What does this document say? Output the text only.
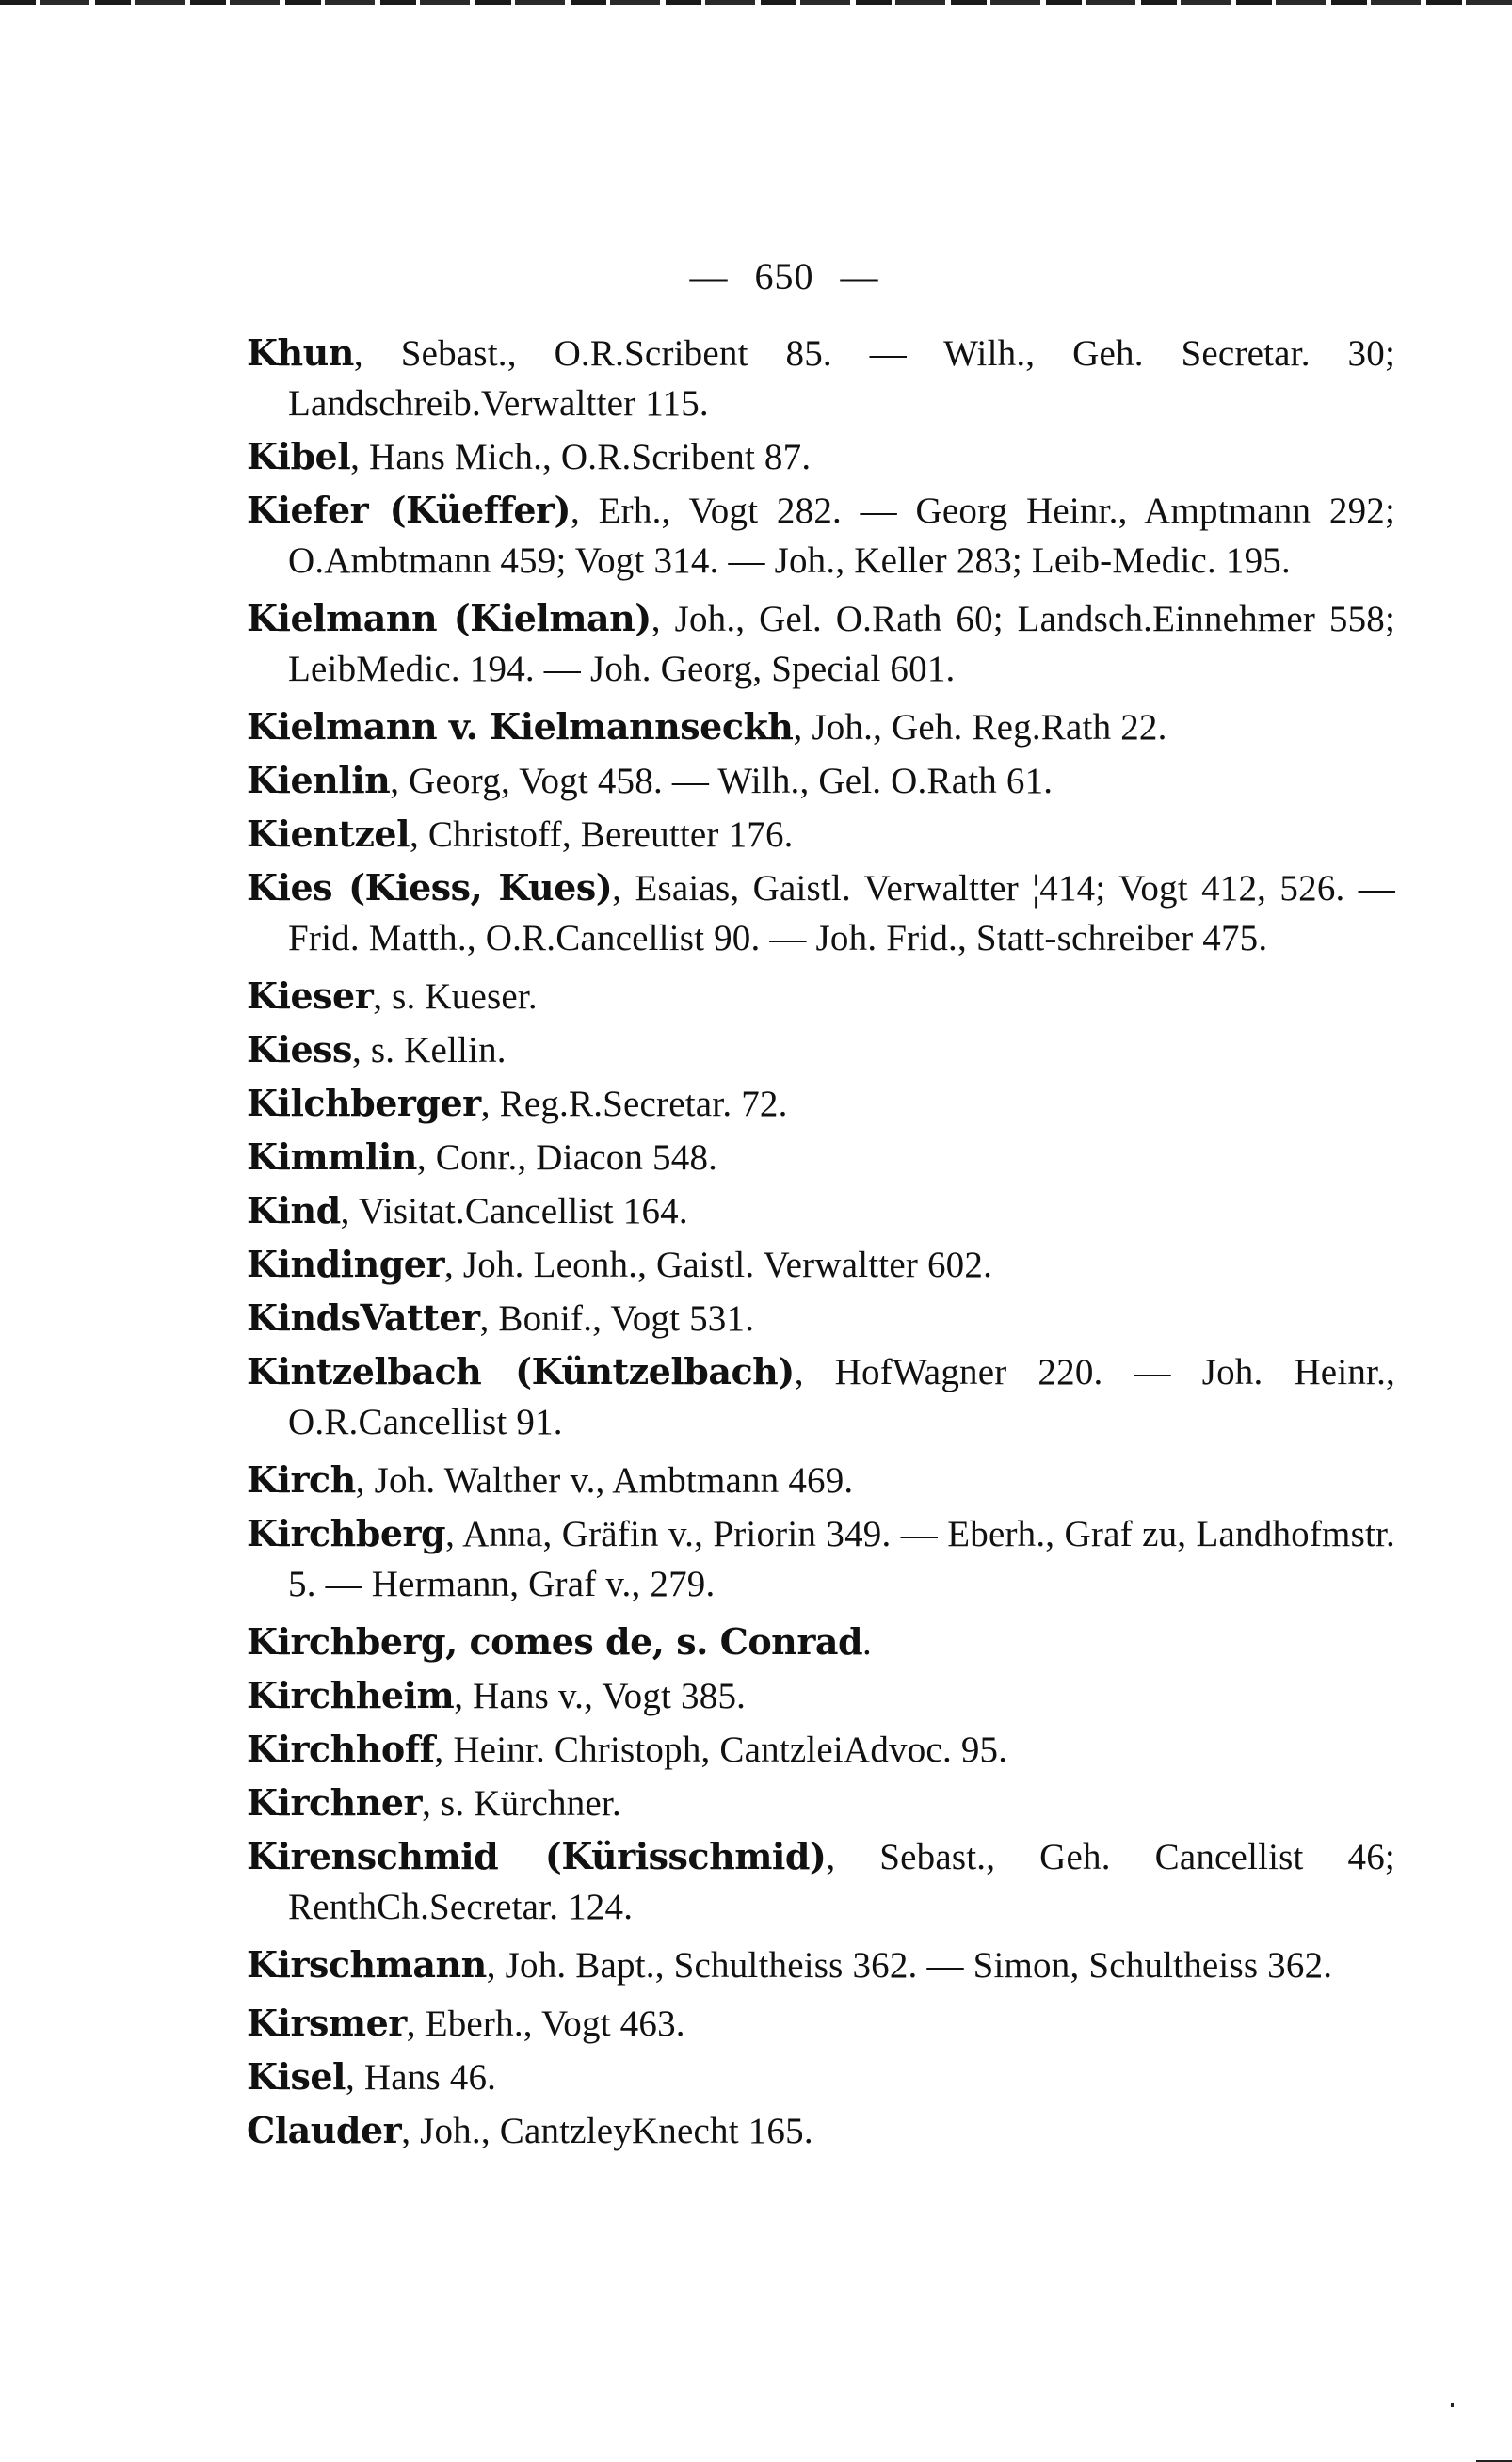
— 650 —

Khun, Sebast., O.R.Scribent 85. — Wilh., Geh. Secretar. 30; Landschreib.Verwaltter 115.

Kibel, Hans Mich., O.R.Scribent 87.

Kiefer (Küeffer), Erh., Vogt 282. — Georg Heinr., Amptmann 292; O.Ambtmann 459; Vogt 314. — Joh., Keller 283; Leib-Medic. 195.

Kielmann (Kielman), Joh., Gel. O.Rath 60; Landsch.Einnehmer 558; LeibMedic. 194. — Joh. Georg, Special 601.

Kielmann v. Kielmannseckh, Joh., Geh. Reg.Rath 22.

Kienlin, Georg, Vogt 458. — Wilh., Gel. O.Rath 61.

Kientzel, Christoff, Bereutter 176.

Kies (Kiess, Kues), Esaias, Gaistl. Verwaltter ¦414; Vogt 412, 526. — Frid. Matth., O.R.Cancellist 90. — Joh. Frid., Statt-schreiber 475.

Kieser, s. Kueser.

Kiess, s. Kellin.

Kilchberger, Reg.R.Secretar. 72.

Kimmlin, Conr., Diacon 548.

Kind, Visitat.Cancellist 164.

Kindinger, Joh. Leonh., Gaistl. Verwaltter 602.

KindsVatter, Bonif., Vogt 531.

Kintzelbach (Küntzelbach), HofWagner 220. — Joh. Heinr., O.R.Cancellist 91.

Kirch, Joh. Walther v., Ambtmann 469.

Kirchberg, Anna, Gräfin v., Priorin 349. — Eberh., Graf zu, Landhofmstr. 5. — Hermann, Graf v., 279.

Kirchberg, comes de, s. Conrad.

Kirchheim, Hans v., Vogt 385.

Kirchhoff, Heinr. Christoph, CantzleiAdvoc. 95.

Kirchner, s. Kürchner.

Kirenschmid (Kürisschmid), Sebast., Geh. Cancellist 46; RenthCh.Secretar. 124.

Kirschmann, Joh. Bapt., Schultheiss 362. — Simon, Schultheiss 362.

Kirsmer, Eberh., Vogt 463.

Kisel, Hans 46.

Clauder, Joh., CantzleyKnecht 165.
